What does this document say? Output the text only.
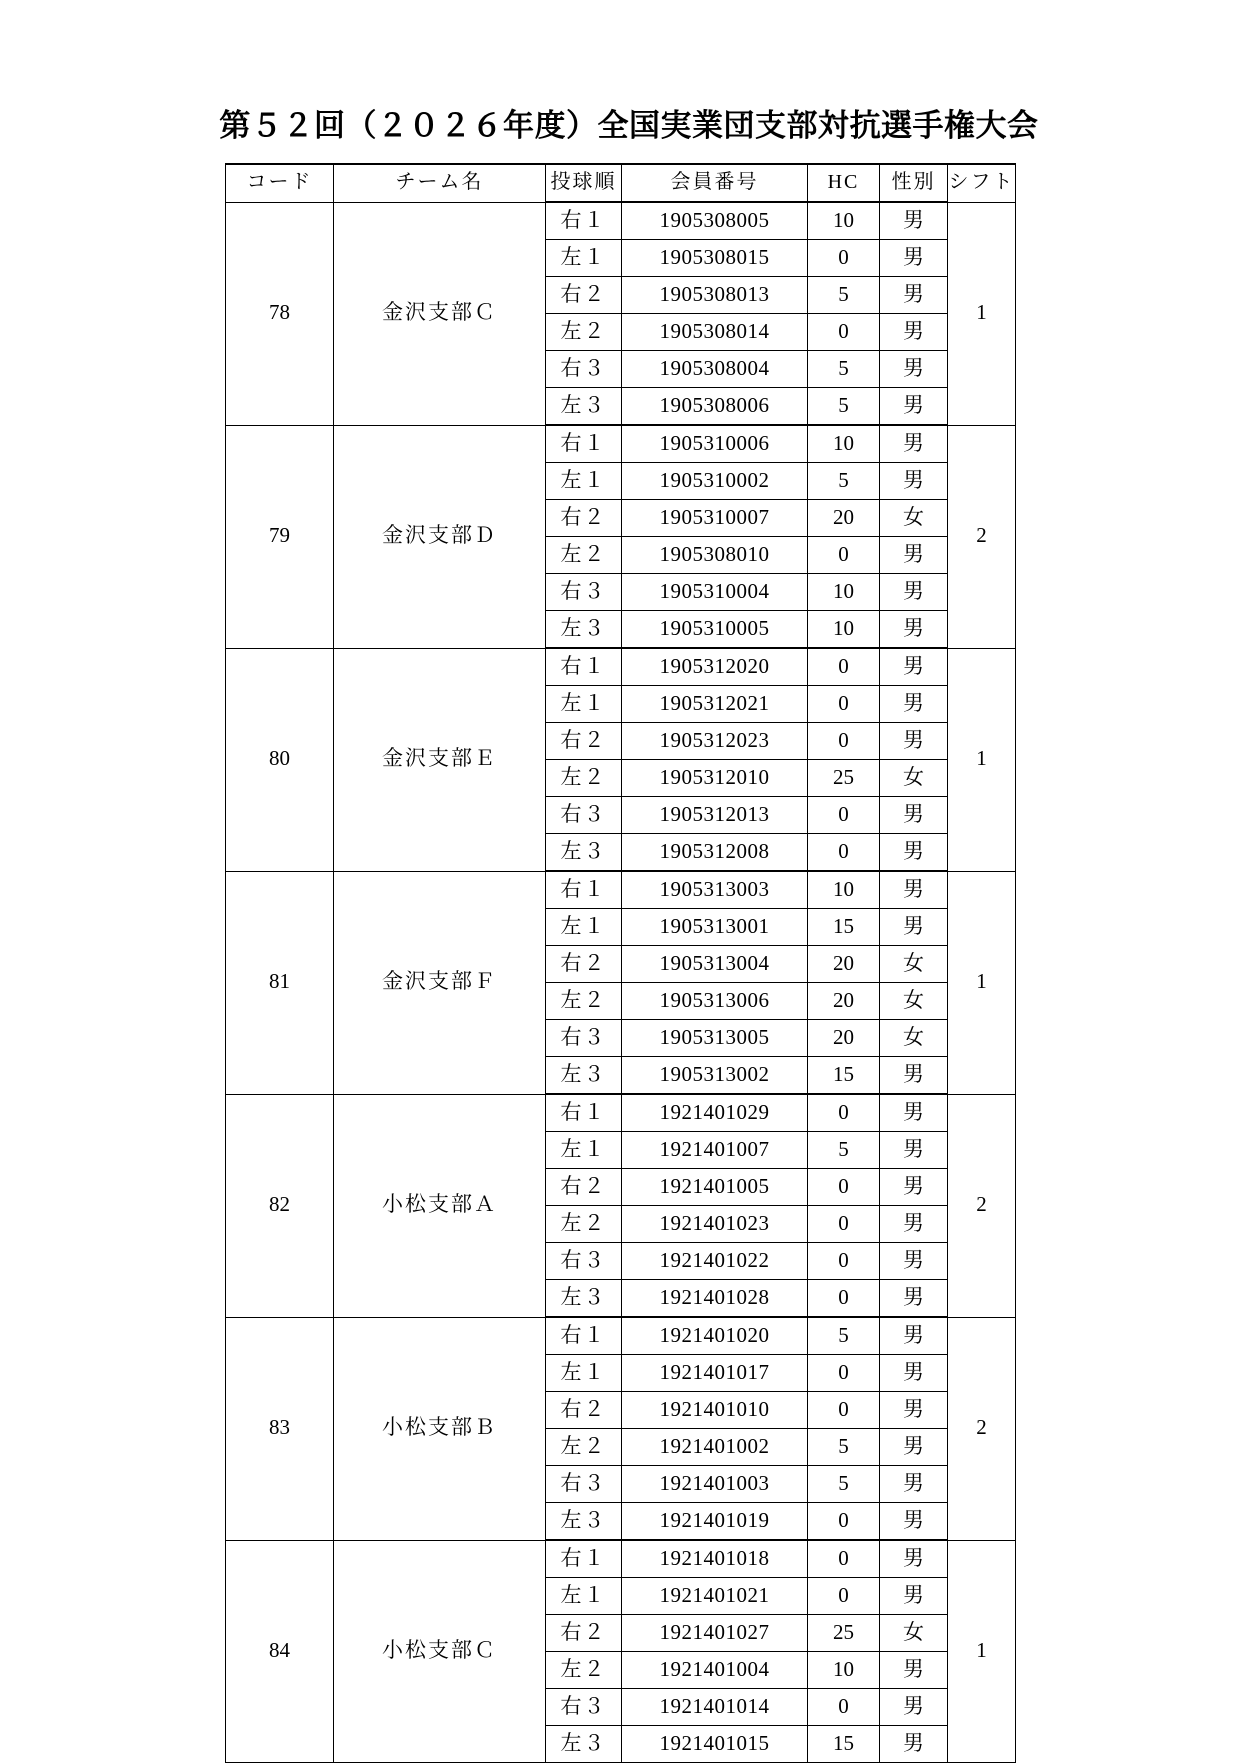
第５２回（２０２６年度）全国実業団支部対抗選手権大会
コード	チーム名	投球順	会員番号	HC	性別	シフト
78	金沢支部Ｃ	右１	1905308005	10	男	1
		左１	1905308015	0	男	
		右２	1905308013	5	男	
		左２	1905308014	0	男	
		右３	1905308004	5	男	
		左３	1905308006	5	男	
79	金沢支部Ｄ	右１	1905310006	10	男	2
		左１	1905310002	5	男	
		右２	1905310007	20	女	
		左２	1905308010	0	男	
		右３	1905310004	10	男	
		左３	1905310005	10	男	
80	金沢支部Ｅ	右１	1905312020	0	男	1
		左１	1905312021	0	男	
		右２	1905312023	0	男	
		左２	1905312010	25	女	
		右３	1905312013	0	男	
		左３	1905312008	0	男	
81	金沢支部Ｆ	右１	1905313003	10	男	1
		左１	1905313001	15	男	
		右２	1905313004	20	女	
		左２	1905313006	20	女	
		右３	1905313005	20	女	
		左３	1905313002	15	男	
82	小松支部Ａ	右１	1921401029	0	男	2
		左１	1921401007	5	男	
		右２	1921401005	0	男	
		左２	1921401023	0	男	
		右３	1921401022	0	男	
		左３	1921401028	0	男	
83	小松支部Ｂ	右１	1921401020	5	男	2
		左１	1921401017	0	男	
		右２	1921401010	0	男	
		左２	1921401002	5	男	
		右３	1921401003	5	男	
		左３	1921401019	0	男	
84	小松支部Ｃ	右１	1921401018	0	男	1
		左１	1921401021	0	男	
		右２	1921401027	25	女	
		左２	1921401004	10	男	
		右３	1921401014	0	男	
		左３	1921401015	15	男	
